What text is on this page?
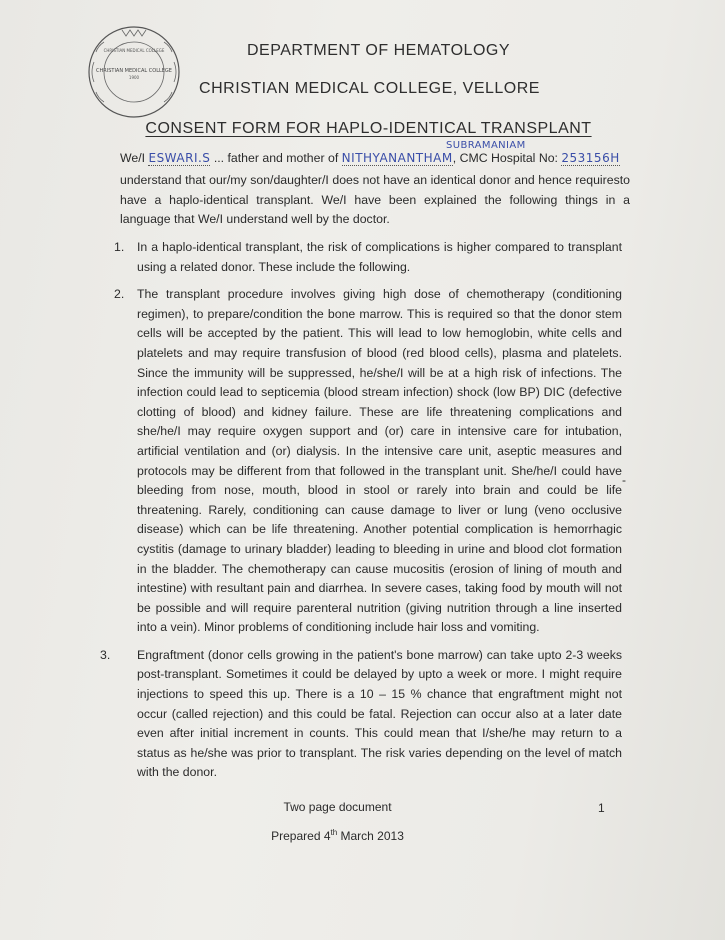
CHRISTIAN MEDICAL COLLEGE
1900
CHRISTIAN MEDICAL COLLEGE	DEPARTMENT OF HEMATOLOGY
CHRISTIAN MEDICAL COLLEGE, VELLORE
CONSENT FORM FOR HAPLO-IDENTICAL TRANSPLANT
SUBRAMANIAM
We/I ESWARI.S ... father and mother of NITHYANANTHAM, CMC Hospital No: 253156H
understand that our/my son/daughter/I does not have an identical donor and hence requiresto have a haplo-identical transplant. We/I have been explained the following things in a language that We/I understand well by the doctor.
1. In a haplo-identical transplant, the risk of complications is higher compared to transplant using a related donor. These include the following.
2. The transplant procedure involves giving high dose of chemotherapy (conditioning regimen), to prepare/condition the bone marrow. This is required so that the donor stem cells will be accepted by the patient. This will lead to low hemoglobin, white cells and platelets and may require transfusion of blood (red blood cells), plasma and platelets. Since the immunity will be suppressed, he/she/I will be at a high risk of infections. The infection could lead to septicemia (blood stream infection) shock (low BP) DIC (defective clotting of blood) and kidney failure. These are life threatening complications and she/he/I may require oxygen support and (or) care in intensive care for intubation, artificial ventilation and (or) dialysis. In the intensive care unit, aseptic measures and protocols may be different from that followed in the transplant unit. She/he/I could have bleeding from nose, mouth, blood in stool or rarely into brain and could be life threatening. Rarely, conditioning can cause damage to liver or lung (veno occlusive disease) which can be life threatening. Another potential complication is hemorrhagic cystitis (damage to urinary bladder) leading to bleeding in urine and blood clot formation in the bladder. The chemotherapy can cause mucositis (erosion of lining of mouth and intestine) with resultant pain and diarrhea. In severe cases, taking food by mouth will not be possible and will require parenteral nutrition (giving nutrition through a line inserted into a vein). Minor problems of conditioning include hair loss and vomiting.
3. Engraftment (donor cells growing in the patient's bone marrow) can take upto 2-3 weeks post-transplant. Sometimes it could be delayed by upto a week or more. I might require injections to speed this up. There is a 10 – 15 % chance that engraftment might not occur (called rejection) and this could be fatal. Rejection can occur also at a later date even after initial increment in counts. This could mean that I/she/he may return to a status as he/she was prior to transplant. The risk varies depending on the level of match with the donor.
-
Two page document	1
Prepared 4th March 2013
